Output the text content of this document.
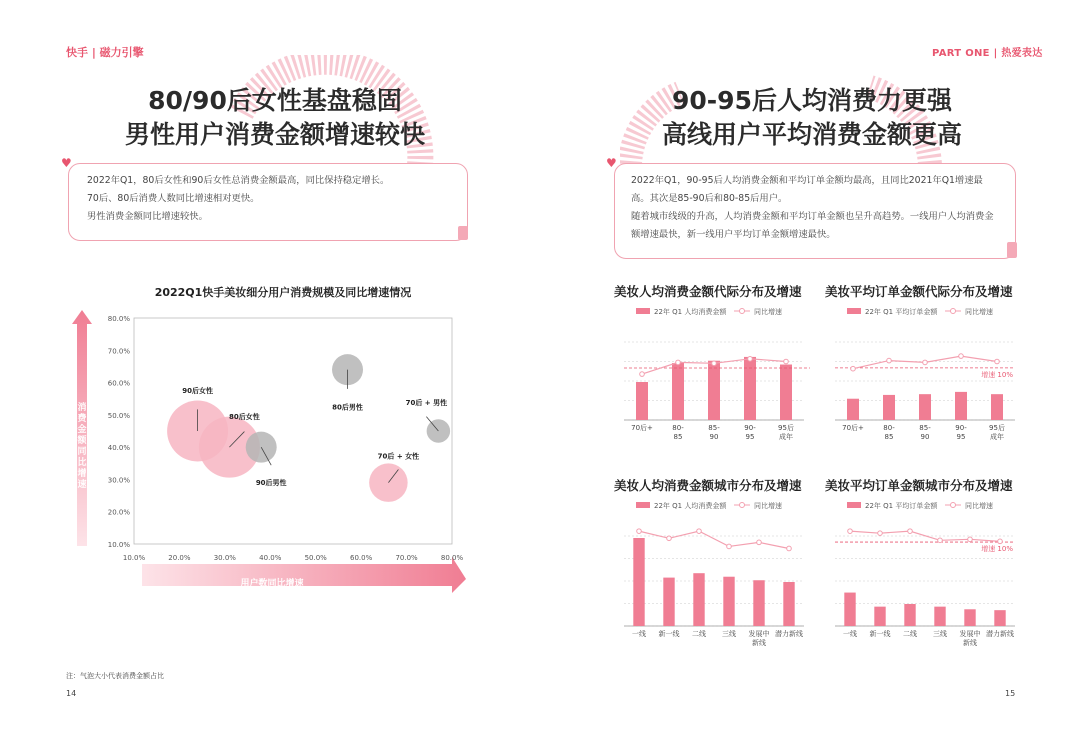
快手 | 磁力引擎
80/90后女性基盘稳固
男性用户消费金额增速较快

2022年Q1，80后女性和90后女性总消费金额最高，同比保持稳定增长。

70后、80后消费人数同比增速相对更快。

男性消费金额同比增速较快。

♥
2022Q1快手美妆细分用户消费规模及同比增速情况
消
费
金
额
同
比
增
速
用户数同比增速
10.0%
20.0%
30.0%
40.0%
50.0%
60.0%
70.0%
80.0%
10.0%	20.0%	30.0%	40.0%	50.0%	60.0%	70.0%	80.0%
90后女性
80后女性
90后男性
80后男性
70后 + 男性
70后 + 女性
注：气泡大小代表消费金额占比
14
PART ONE | 热爱表达
90-95后人均消费力更强
高线用户平均消费金额更高

2022年Q1，90-95后人均消费金额和平均订单金额均最高，且同比2021年Q1增速最高。其次是85-90后和80-85后用户。

随着城市线级的升高，人均消费金额和平均订单金额也呈升高趋势。一线用户人均消费金额增速最快，新一线用户平均订单金额增速最快。

♥
美妆人均消费金额代际分布及增速
22年 Q1 人均消费金额	同比增速
70后+	80-
85
85-
90
90-
95
95后
成年
美妆平均订单金额代际分布及增速
22年 Q1 平均订单金额	同比增速
70后+	80-
85
85-
90
90-
95
95后
成年
增速 10%
美妆人均消费金额城市分布及增速
22年 Q1 人均消费金额	同比增速
一线 新一线 二线 三线 发展中
新线
潜力新线
美妆平均订单金额城市分布及增速
22年 Q1 平均订单金额	同比增速
一线 新一线 二线 三线 发展中
新线
潜力新线
增速 10%
15
